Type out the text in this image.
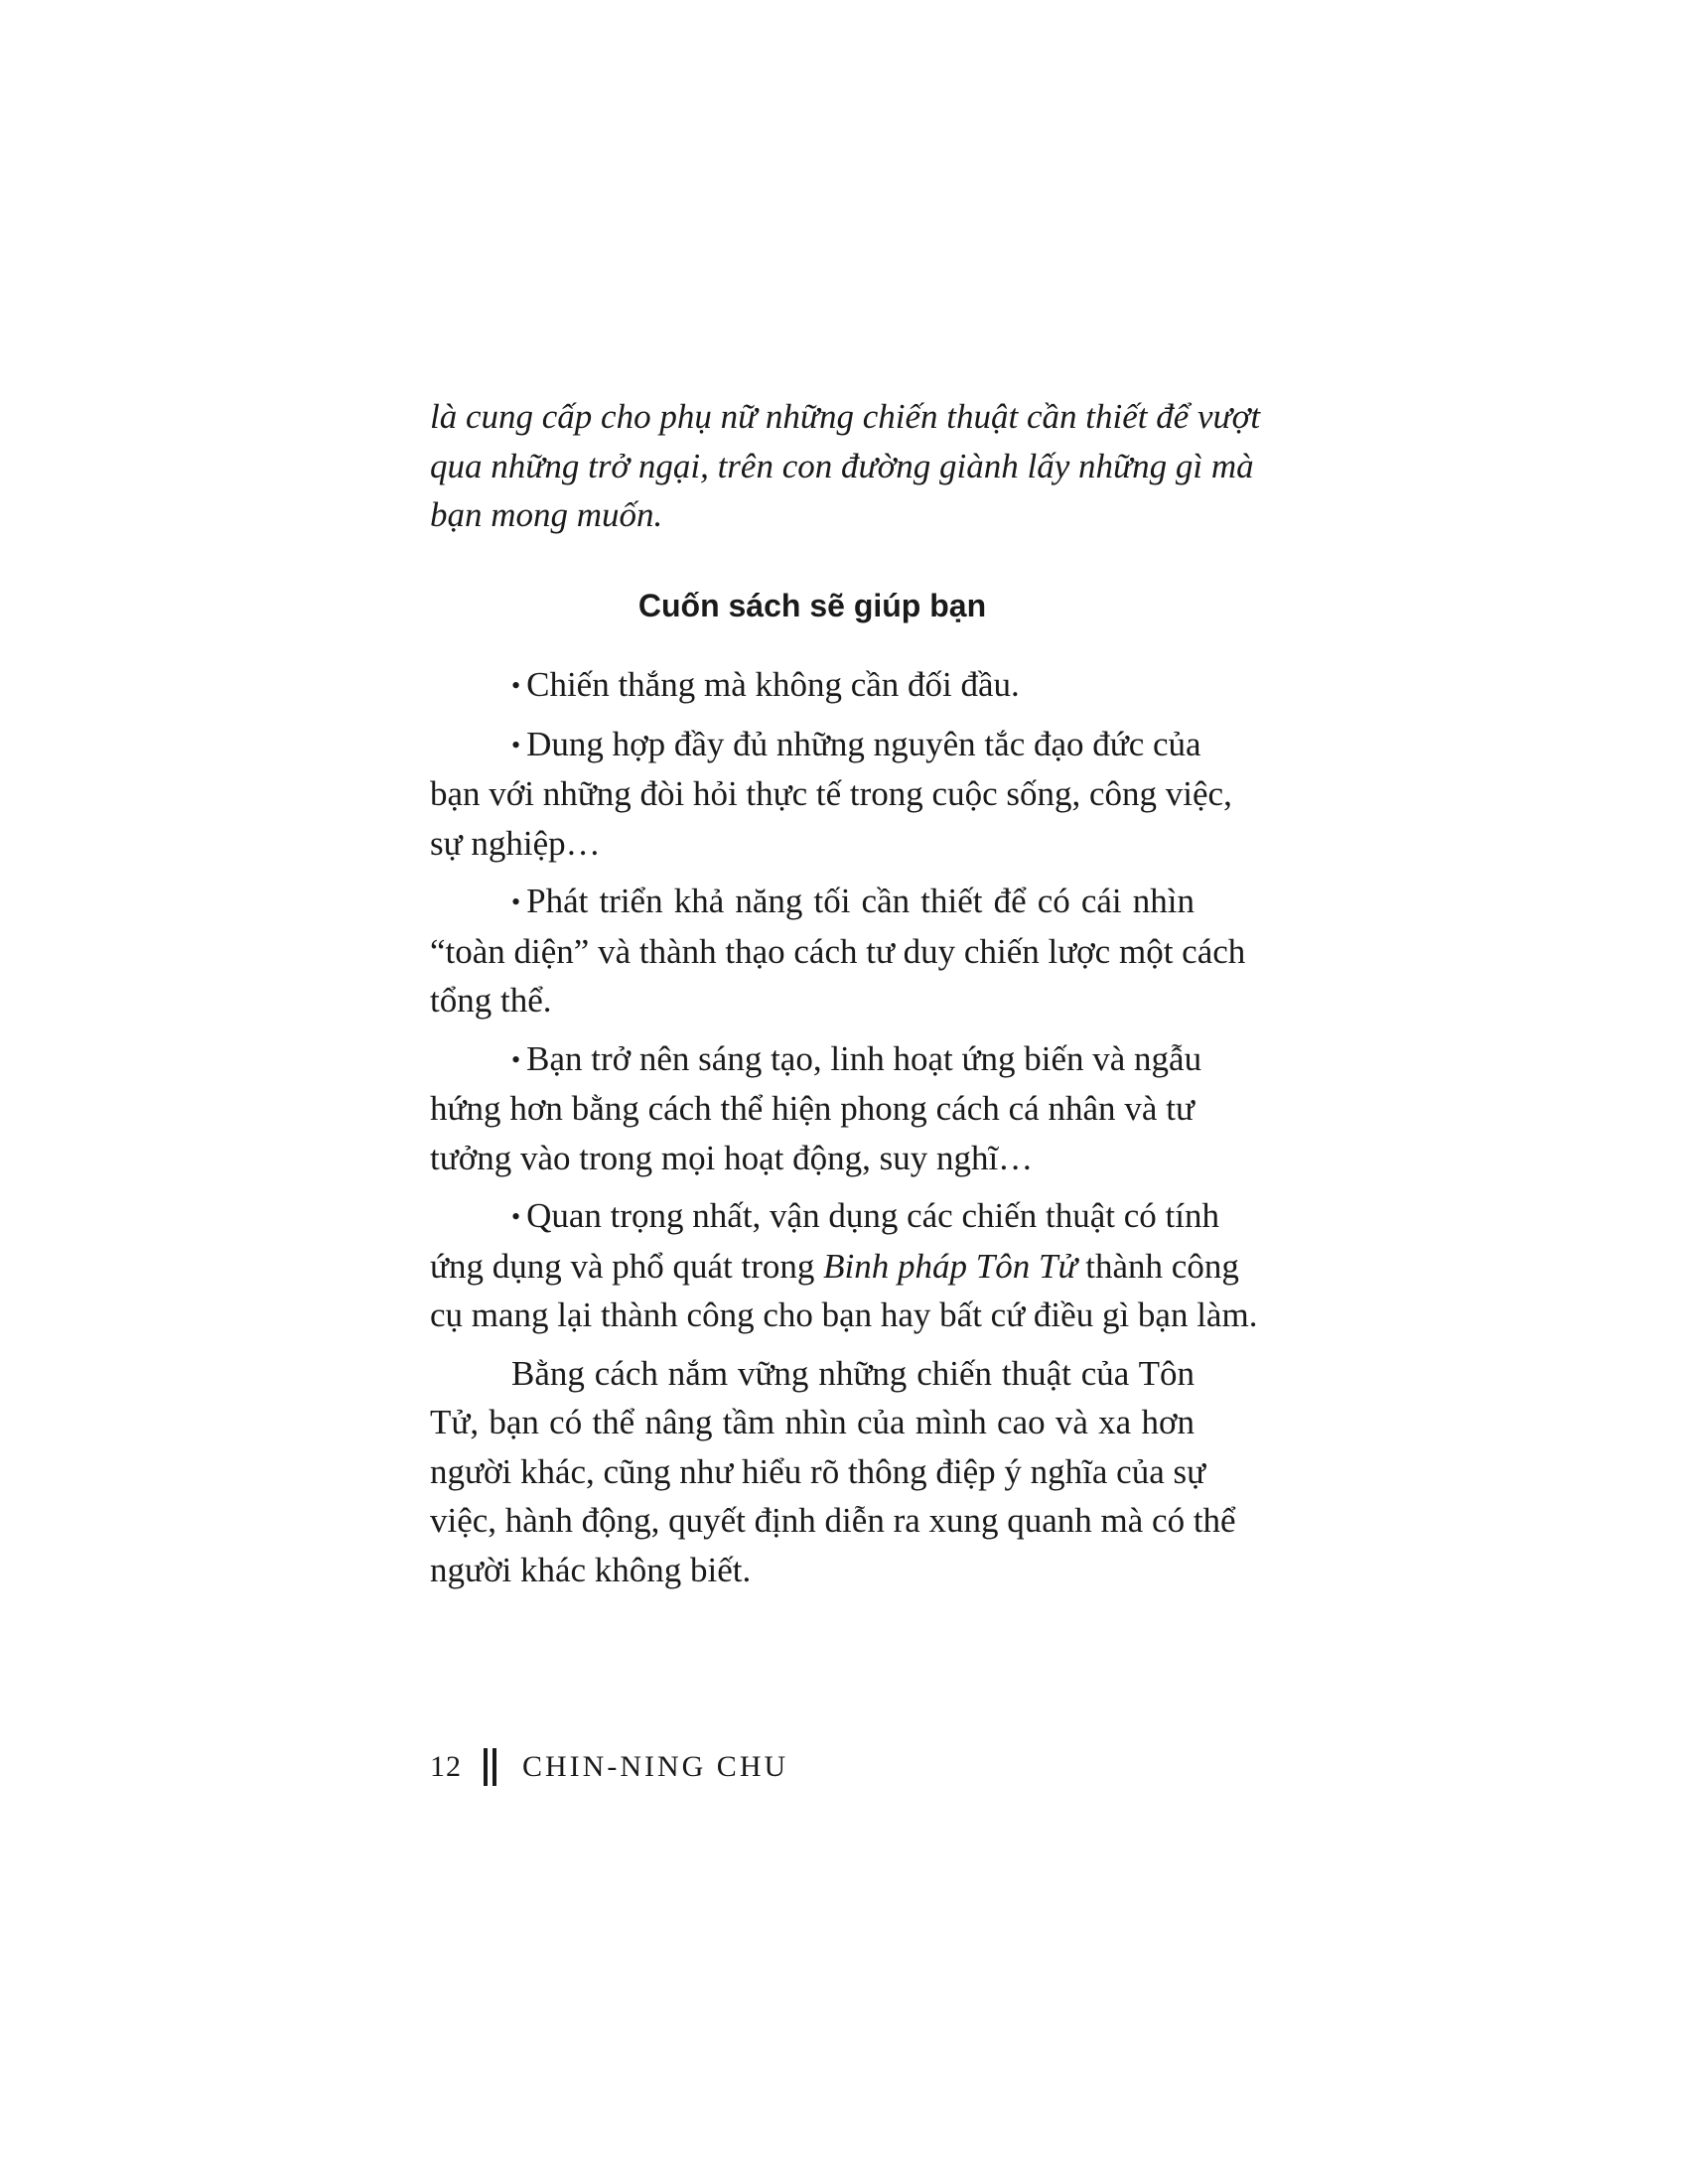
là cung cấp cho phụ nữ những chiến thuật cần thiết để vượt
qua những trở ngại, trên con đường giành lấy những gì mà
bạn mong muốn.
Cuốn sách sẽ giúp bạn
• Chiến thắng mà không cần đối đầu.
• Dung hợp đầy đủ những nguyên tắc đạo đức của
bạn với những đòi hỏi thực tế trong cuộc sống, công việc,
sự nghiệp…
• Phát triển khả năng tối cần thiết để có cái nhìn
“toàn diện” và thành thạo cách tư duy chiến lược một cách
tổng thể.
• Bạn trở nên sáng tạo, linh hoạt ứng biến và ngẫu
hứng hơn bằng cách thể hiện phong cách cá nhân và tư
tưởng vào trong mọi hoạt động, suy nghĩ…
• Quan trọng nhất, vận dụng các chiến thuật có tính
ứng dụng và phổ quát trong Binh pháp Tôn Tử thành công
cụ mang lại thành công cho bạn hay bất cứ điều gì bạn làm.
Bằng cách nắm vững những chiến thuật của Tôn
Tử, bạn có thể nâng tầm nhìn của mình cao và xa hơn
người khác, cũng như hiểu rõ thông điệp ý nghĩa của sự
việc, hành động, quyết định diễn ra xung quanh mà có thể
người khác không biết.
12 CHIN-NING CHU
